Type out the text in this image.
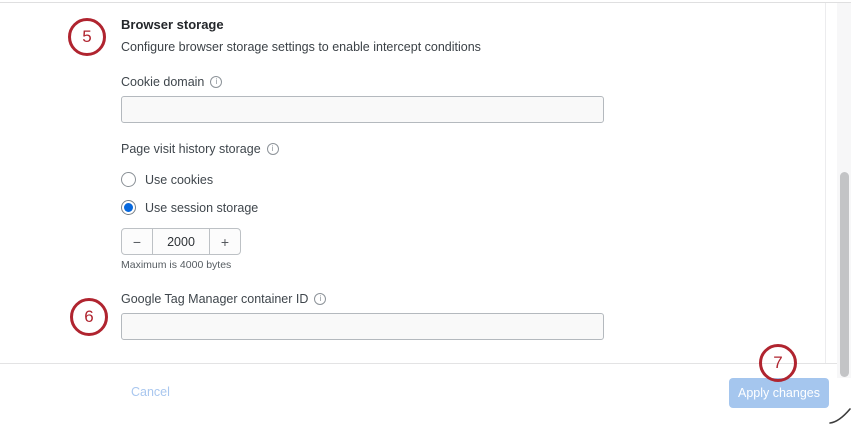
5
6
7
Browser storage
Configure browser storage settings to enable intercept conditions
Cookie domain	i
Page visit history storage	i
Use cookies
Use session storage
−
2000	+
Maximum is 4000 bytes
Google Tag Manager container ID	i
Cancel	Apply changes
